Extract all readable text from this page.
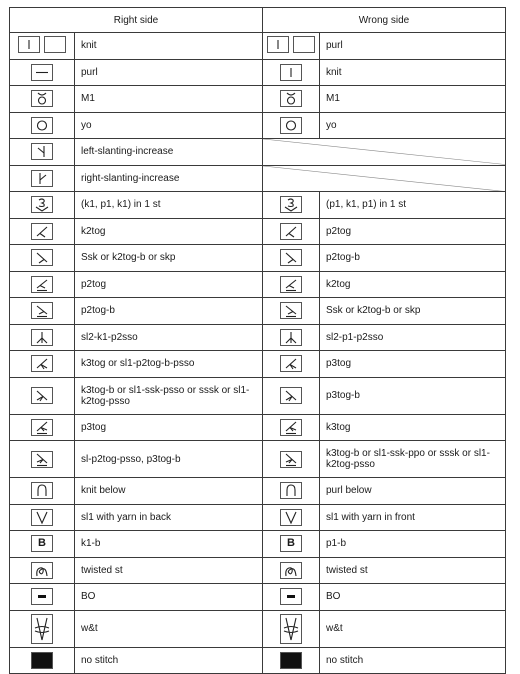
Right side		Wrong side	

	knit		purl

	purl		knit

	M1		M1

	yo		yo

	left-slanting-increase	

	right-slanting-increase	

	(k1, p1, k1) in 1 st		(p1, k1, p1) in 1 st

	k2tog		p2tog

	Ssk or k2tog-b or skp		p2tog-b

	p2tog		k2tog

	p2tog-b		Ssk or k2tog-b or skp

	sl2-k1-p2sso		sl2-p1-p2sso

	k3tog or sl1-p2tog-b-psso		p3tog

	k3tog-b or sl1-ssk-psso or sssk or sl1-k2tog-psso		p3tog-b

	p3tog		k3tog

	sl-p2tog-psso, p3tog-b		k3tog-b or sl1-ssk-ppo or sssk or sl1-k2tog-psso

	knit below		purl below

	sl1 with yarn in back		sl1 with yarn in front

B	k1-b	B	p1-b

	twisted st		twisted st

	BO		BO

	w&t		w&t

	no stitch		no stitch
